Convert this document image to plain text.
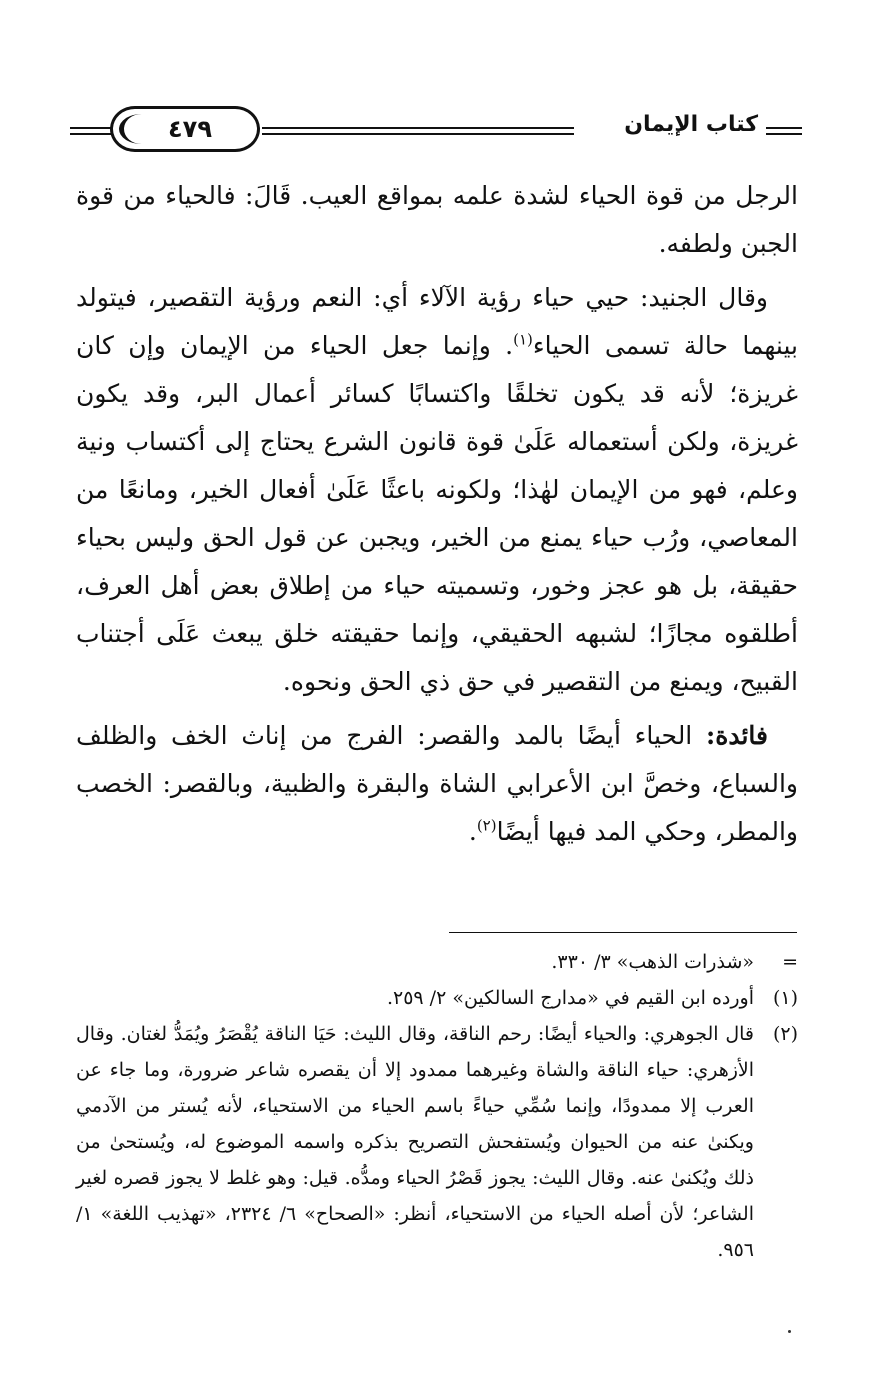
كتاب الإيمان
٤٧٩

الرجل من قوة الحياء لشدة علمه بمواقع العيب. قَالَ: فالحياء من قوة الجبن ولطفه.

وقال الجنيد: حيي حياء رؤية الآلاء أي: النعم ورؤية التقصير، فيتولد بينهما حالة تسمى الحياء$^{(١)}$. وإنما جعل الحياء من الإيمان وإن كان غريزة؛ لأنه قد يكون تخلقًا واكتسابًا كسائر أعمال البر، وقد يكون غريزة، ولكن أستعماله عَلَىٰ قوة قانون الشرع يحتاج إلى أكتساب ونية وعلم، فهو من الإيمان لهٰذا؛ ولكونه باعثًا عَلَىٰ أفعال الخير، ومانعًا من المعاصي، ورُب حياء يمنع من الخير، ويجبن عن قول الحق وليس بحياء حقيقة، بل هو عجز وخور، وتسميته حياء من إطلاق بعض أهل العرف، أطلقوه مجازًا؛ لشبهه الحقيقي، وإنما حقيقته خلق يبعث عَلَى أجتناب القبيح، ويمنع من التقصير في حق ذي الحق ونحوه.

فائدة: الحياء أيضًا بالمد والقصر: الفرج من إناث الخف والظلف والسباع، وخصَّ ابن الأعرابي الشاة والبقرة والظبية، وبالقصر: الخصب والمطر، وحكي المد فيها أيضًا$^{(٢)}$.

=
«شذرات الذهب» ٣/ ٣٣٠.
(١)
أورده ابن القيم في «مدارج السالكين» ٢/ ٢٥٩.
(٢)
قال الجوهري: والحياء أيضًا: رحم الناقة، وقال الليث: حَيَا الناقة يُقْصَرُ ويُمَدُّ لغتان. وقال الأزهري: حياء الناقة والشاة وغيرهما ممدود إلا أن يقصره شاعر ضرورة، وما جاء عن العرب إلا ممدودًا، وإنما سُمِّي حياءً باسم الحياء من الاستحياء، لأنه يُستر من الآدمي ويكنىٰ عنه من الحيوان ويُستفحش التصريح بذكره واسمه الموضوع له، ويُستحىٰ من ذلك ويُكنىٰ عنه. وقال الليث: يجوز قَصْرُ الحياء ومدُّه. قيل: وهو غلط لا يجوز قصره لغير الشاعر؛ لأن أصله الحياء من الاستحياء، أنظر: «الصحاح» ٦/ ٢٣٢٤، «تهذيب اللغة» ١/ ٩٥٦.
